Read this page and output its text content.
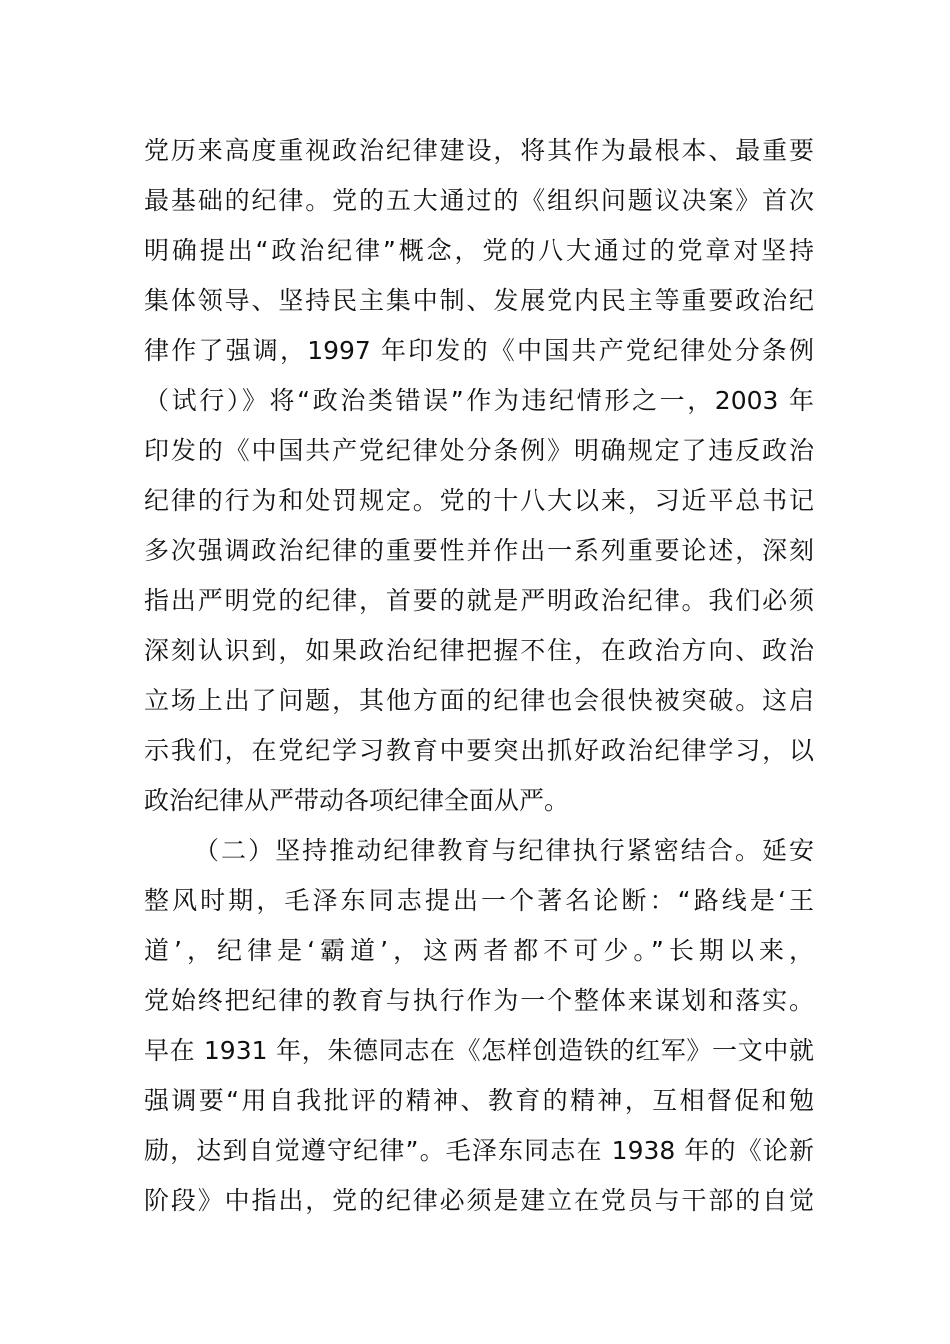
党历来高度重视政治纪律建设，将其作为最根本、最重要
最基础的纪律。党的五大通过的《组织问题议决案》首次
明确提出“政治纪律”概念，党的八大通过的党章对坚持
集体领导、坚持民主集中制、发展党内民主等重要政治纪
律作了强调，1997 年印发的《中国共产党纪律处分条例
（试行）》将“政治类错误”作为违纪情形之一，2003 年
印发的《中国共产党纪律处分条例》明确规定了违反政治
纪律的行为和处罚规定。党的十八大以来，习近平总书记
多次强调政治纪律的重要性并作出一系列重要论述，深刻
指出严明党的纪律，首要的就是严明政治纪律。我们必须
深刻认识到，如果政治纪律把握不住，在政治方向、政治
立场上出了问题，其他方面的纪律也会很快被突破。这启
示我们，在党纪学习教育中要突出抓好政治纪律学习，以
政治纪律从严带动各项纪律全面从严。
（二）坚持推动纪律教育与纪律执行紧密结合。延安
整风时期，毛泽东同志提出一个著名论断：“路线是‘王
道’，纪律是‘霸道’，这两者都不可少。”长期以来，
党始终把纪律的教育与执行作为一个整体来谋划和落实。
早在 1931 年，朱德同志在《怎样创造铁的红军》一文中就
强调要“用自我批评的精神、教育的精神，互相督促和勉
励，达到自觉遵守纪律”。毛泽东同志在 1938 年的《论新
阶段》中指出，党的纪律必须是建立在党员与干部的自觉
